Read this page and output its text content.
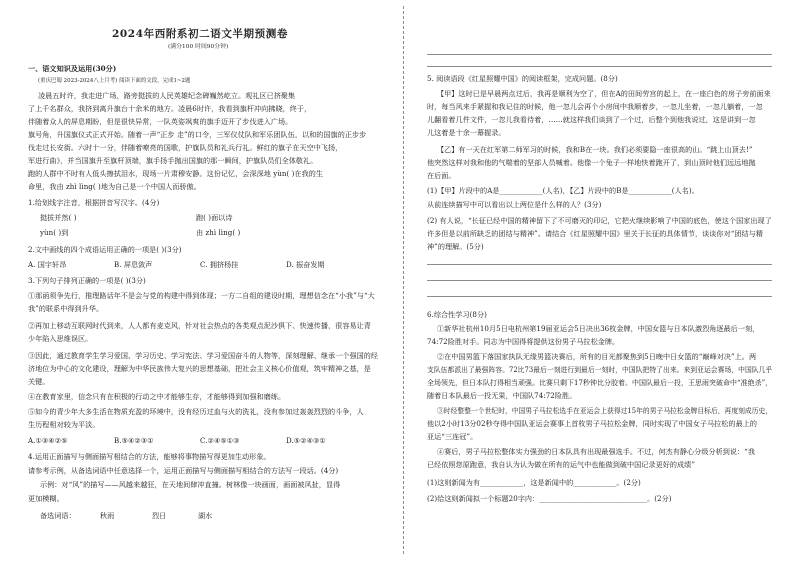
2024年西附系初二语文半期预测卷
(满分100 时间90分钟)
一、语文知识及运用(30分)
(重庆巴蜀 2023-2024八上月考) 阅读下面的文段，完成1~2题
凌晨五时许，我走进广场，路旁挺拔的人民英雄纪念碑巍然屹立。观礼区已挤聚集
了上千名群众，我挤到离升旗台十余米的地方。凌晨6时许，我看到旗杆冲向拂晓，终于，
伴随着众人的屏息期盼，但是很快异常，一队英姿飒爽的旗手迈开了步伐进入广场。
旗号角，升国旗仪式正式开始。随着一声“正步 走”的口令，三军仪仗队和军乐团队伍，以和的国旗的正步步
伐走过长安街。六时十一分，伴随着嘹亮的国歌，护旗队员和礼兵行礼。鲜红的旗子在天空中飞扬，
军进行曲》，并当国旗升至旗杆顶端，旗手扬手抛出国旗的那一瞬间，护旗队员们全体敬礼。
跑的人群中不时有人低头擦拭泪水，现场一片肃穆安静。这份记忆，会深深地 yùn( )在我的生
命里，我由 zhì lìng( )地为自己是一个中国人而骄傲。
1.给划线字注音，根据拼音写汉字。(4分)
挺拔并然( )	跑( )面以诗
yùn( )到	由 zhì lìng( )
2.文中画线的四个成语运用正确的一项是( )(3分)
A. 国宇轩昂	B. 屏息敛声	C. 拥挤杨挂	D. 振奋发期
3.下列句子排列正确的一项是( )(3分)
①那函须争先行，推理路话年不是会与党的构建中得到体现；一方二自组的建设时期，理想信念在“小我”与“大
我”的联系中得到升华。
②再加上移动互联网时代到来，人人都有麦克风，针对社会热点的各类观点泥沙俱下、快速传播，很容易让青
少年陷入思维误区。
③因此，通过教育学生学习爱国、学习历史、学习宪法、学习爱国奋斗的人物等，深刻理解、继承一个强国的经
济地位为中心的文化建设，理解为中华民族伟大复兴的思想基础，把社会主义核心价值观，筑牢精神之基，是
关键。
④在教育家里，信念只有在积极的行动之中才能够生存，才能够得到加强和磨练。
⑤如今的青少年大多生活在物质充盈的环境中，没有经历过血与火的洗礼，没有参加过轰轰烈烈的斗争，人
生历程相对较为平淡。
A.①③④②⑤	B.⑤④②③①	C.②④⑤①③	D.⑤②④③①
4.运用正面描写与侧面描写相结合的方法，能够将事物描写得更加生动形象。
请参考示例，从备选词语中任意选择一个，运用正面描写与侧面描写相结合的方法写一段话。(4分)
示例：对“风”的描写——风越来越狂，在天地间肆冲直撞。树林像一块画面，画面被风扯，显得
更加模糊。
备选词语：	秋雨	烈日	湖水
5. 阅读语段《红星照耀中国》的阅读框架，完成问题。(8分)
【甲】这时已是早晨两点过后，我再是顺利为空了，但在A的田间劳宫的起上，在一座白色的房子旁前面来
时，每当风来手紧握和我记住的时候，他一忽儿会再个小房间中我顺着步，一忽儿坐着，一忽儿躺着，一忽
儿翻看着几件文件，一忽儿我看待着，……就这样我们谈到了一个过，后整个到他我说过，这是讲到一忽
儿这着是十余一幕握录。
【乙】有一天在红军第二师军习的时候，我和B在一块。我们必须要隐一座很高的山。“跳上山顶去!”
他突然这样对我和他的气喘着的坚部人员喊着。他像一个兔子一样地快着跑开了，到山顶时他们远远地抛
在后面。
(1)【甲】片段中的A是____________(人名)，【乙】片段中的B是____________(人名)。
从前连续描写中可以看出以上两位是什么样的人？(3分)
(2) 有人说，“长征已经中国的精神留下了不可磨灭的印记，它把火继续影响了中国的底色，使这个国家出现了
许多但是以前所缺乏的团结与精神”。请结合《红星照耀中国》里关于长征的具体情节，谈谈你对“团结与精
神”的理解。(5分)
6.综合性学习(8分)
①新华社杭州10月5日电杭州第19届亚运会5日决出36枚金牌，中国女篮与日本队激烈角逐最后一刻，
74:72险胜对手。同志为中国得将提供这份男子马拉松金牌。
②在中国男篮下落国家执队无缘男篮决赛后，所有的目光都聚焦到5日晚中日女篮的“巅峰对决”上。两
支队伍都派出了最强阵容。72比73最后一刻进行到最后一刻时，中国队把特了出来。来到亚运会赛场，中国队几乎
全场领先，但日本队打得相当顽强。比赛只剩下17秒钟比分胶着。中国队最后一投，王思雨突破命中“准绝杀”，
随着日本队最后一投无果，中国队74:72险胜。
③时经整整一个世纪时，中国男子马拉松选手在亚运会上获得过15年的男子马拉松金牌目标后，再度刻成历史，
他以2小时13分02秒夺得中国队亚运会赛事上首枚男子马拉松金牌，同时实现了中国女子马拉松的最上的
亚运“三连冠”。
④赛后，男子马拉松整体实力强劲的日本队具有出现最强选手。不过，何杰有静心分级分析到说：“我
已经依照您原跑意，我自认为认为做在所有的运气中也能做到破中国记录更好的成绩”
(1)这则新闻为有____________，这是新闻中的____________。(2分)
(2)给这则新闻拟一个标题20字内：______________________________。(2分)
